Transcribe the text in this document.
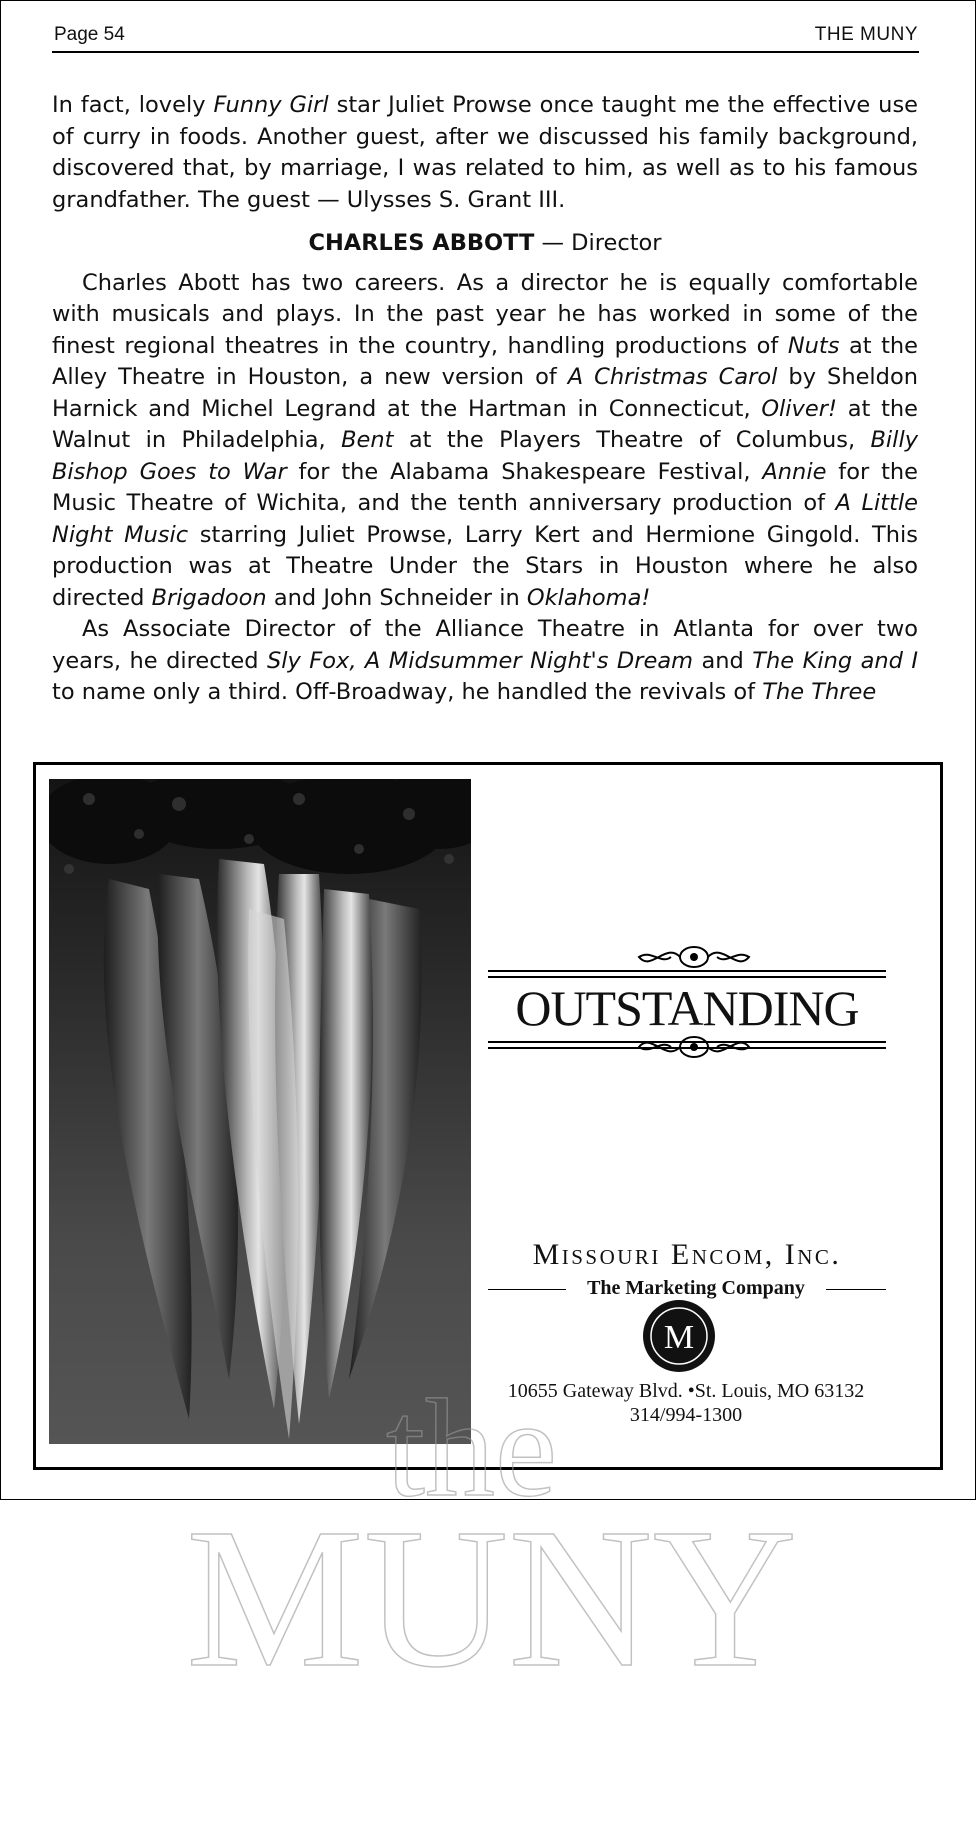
Page 54	THE MUNY

In fact, lovely Funny Girl star Juliet Prowse once taught me the effective use of curry in foods. Another guest, after we discussed his family background, discovered that, by marriage, I was related to him, as well as to his famous grandfather. The guest — Ulysses S. Grant III.

CHARLES ABBOTT — Director

Charles Abott has two careers. As a director he is equally comfortable with musicals and plays. In the past year he has worked in some of the finest regional theatres in the country, handling productions of Nuts at the Alley Theatre in Houston, a new version of A Christmas Carol by Sheldon Harnick and Michel Legrand at the Hartman in Connecticut, Oliver! at the Walnut in Philadelphia, Bent at the Players Theatre of Columbus, Billy Bishop Goes to War for the Alabama Shakespeare Festival, Annie for the Music Theatre of Wichita, and the tenth anniversary production of A Little Night Music starring Juliet Prowse, Larry Kert and Hermione Gingold. This production was at Theatre Under the Stars in Houston where he also directed Brigadoon and John Schneider in Oklahoma!

As Associate Director of the Alliance Theatre in Atlanta for over two years, he directed Sly Fox, A Midsummer Night's Dream and The King and I to name only a third. Off-Broadway, he handled the revivals of The Three

the
MUNY
OUTSTANDING
Missouri Encom, Inc.
The Marketing Company
M
10655 Gateway Blvd. •St. Louis, MO 63132
314/994-1300
